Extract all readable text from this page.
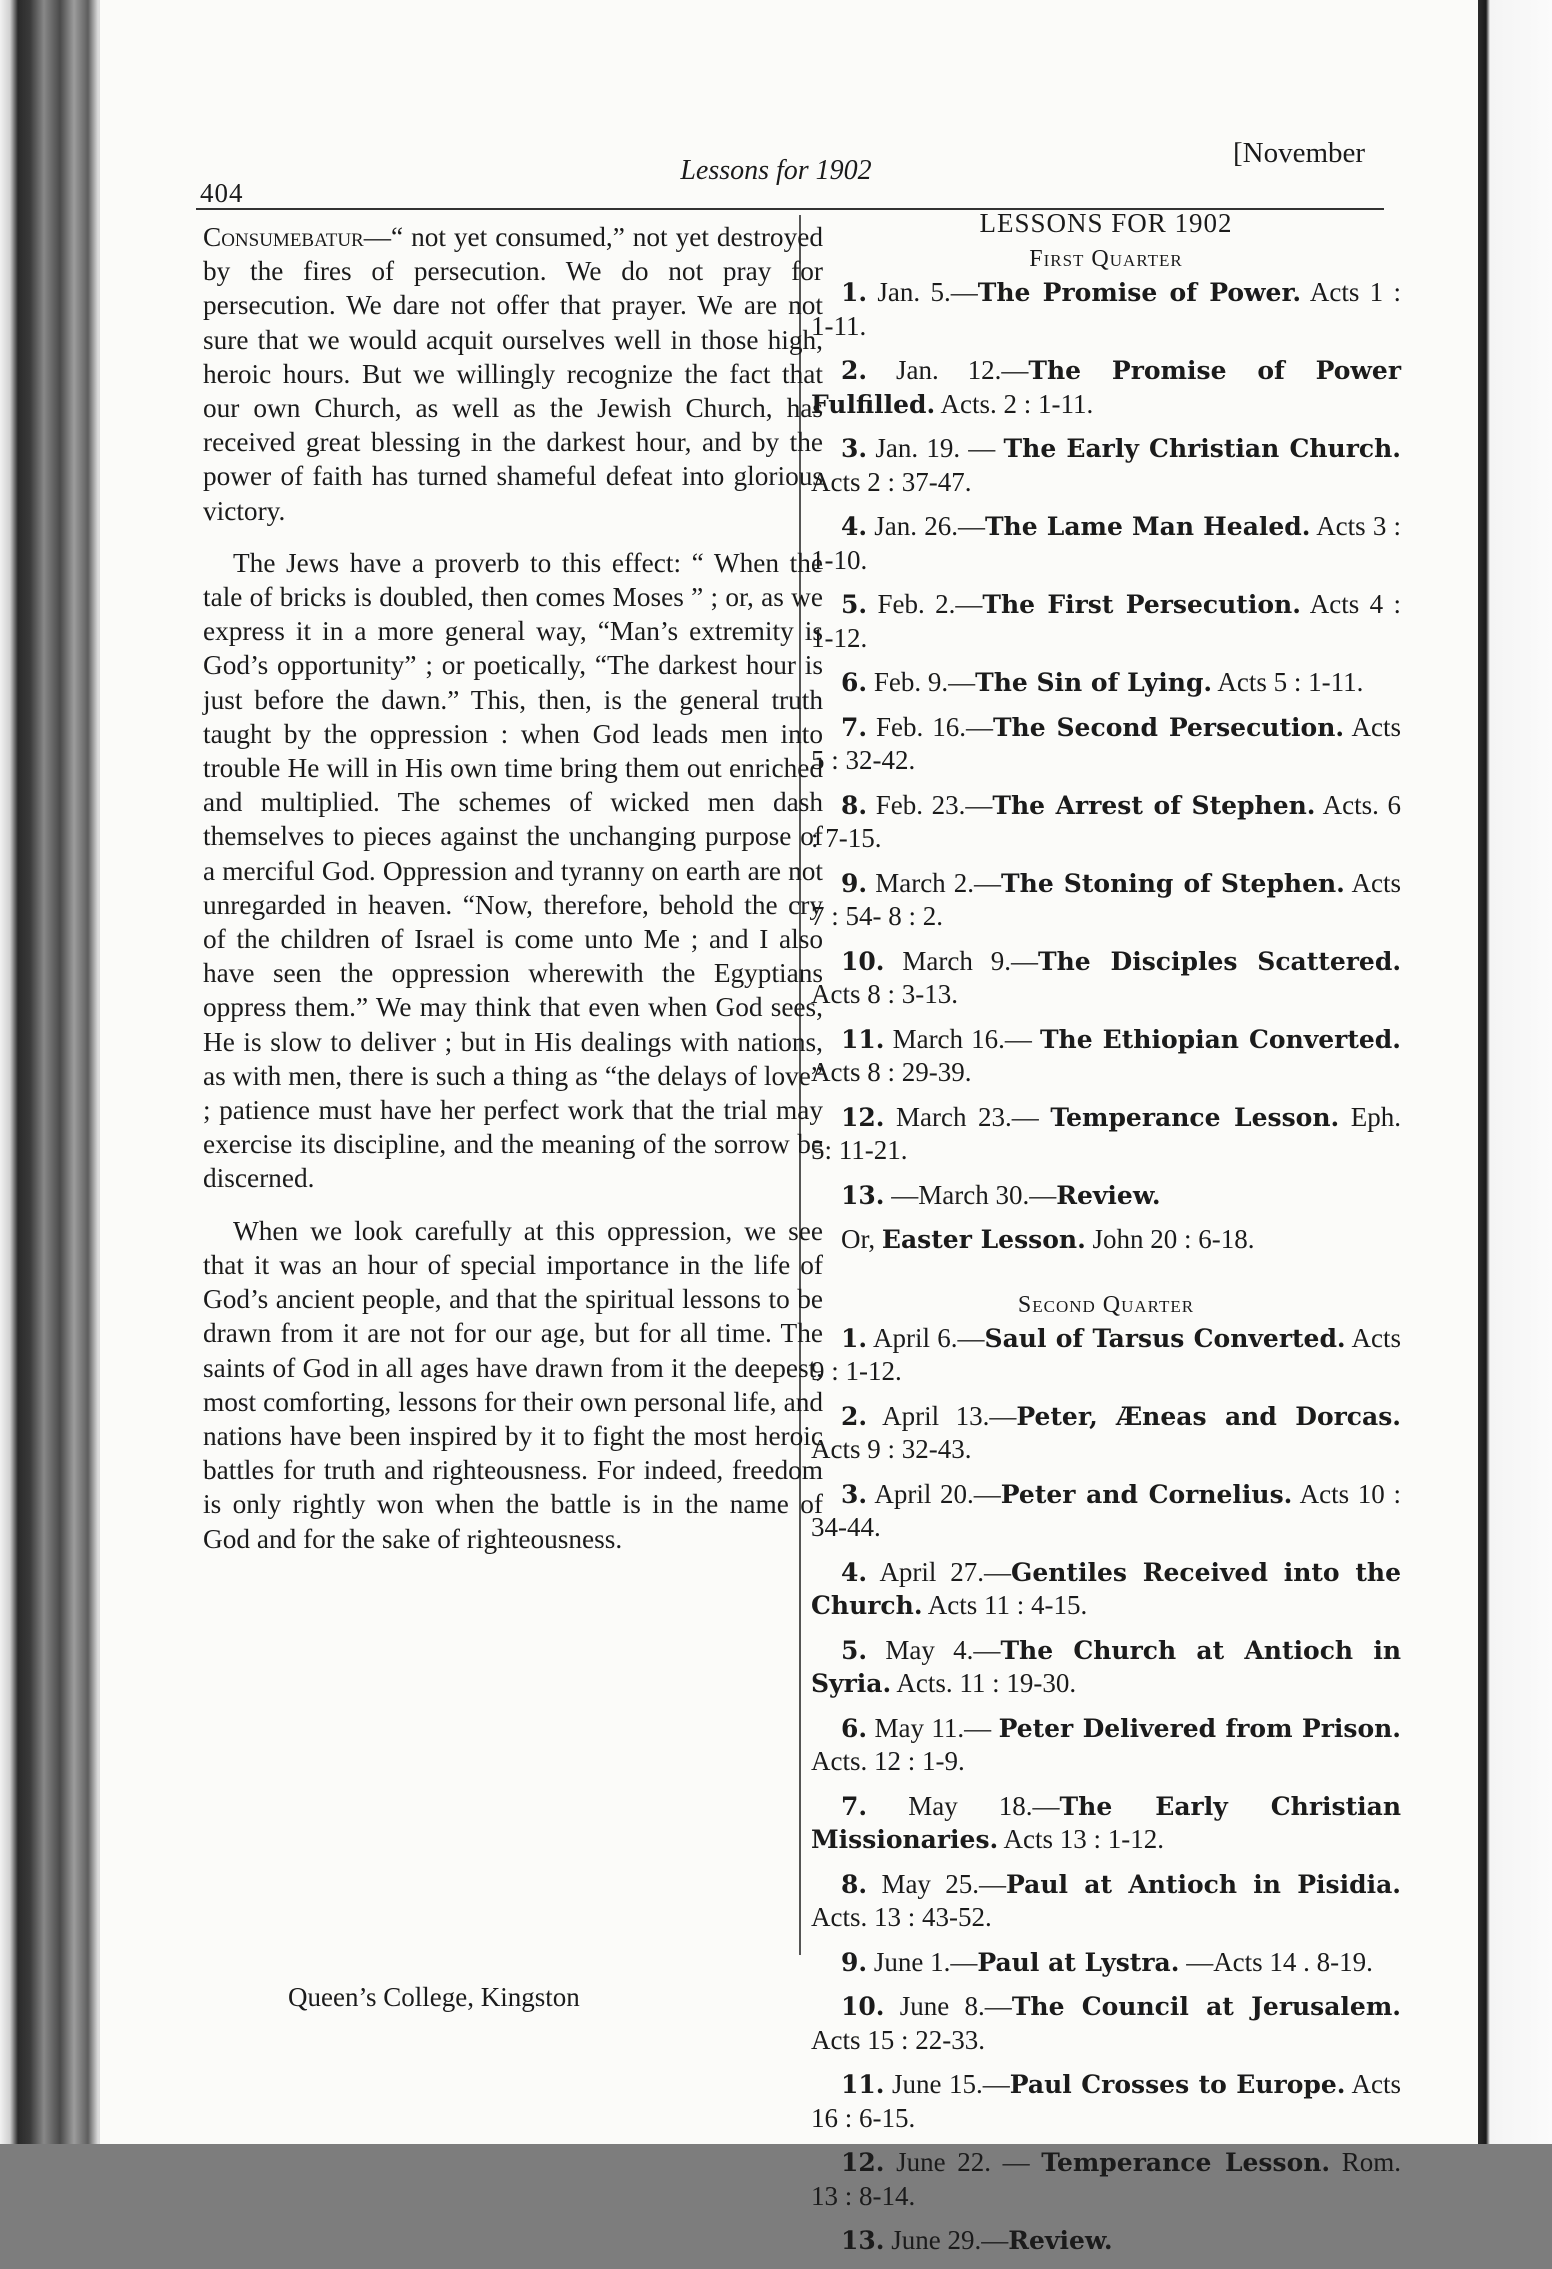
404
Lessons for 1902
[November

Consumebatur—“ not yet consumed,” not yet destroyed by the fires of persecution. We do not pray for persecution. We dare not offer that prayer. We are not sure that we would acquit ourselves well in those high, heroic hours. But we willingly recognize the fact that our own Church, as well as the Jewish Church, has received great blessing in the darkest hour, and by the power of faith has turned shameful defeat into glorious victory.

The Jews have a proverb to this effect: “ When the tale of bricks is doubled, then comes Moses ” ; or, as we express it in a more general way, “Man’s extremity is God’s opportunity” ; or poetically, “The darkest hour is just before the dawn.” This, then, is the general truth taught by the oppression : when God leads men into trouble He will in His own time bring them out enriched and multiplied. The schemes of wicked men dash themselves to pieces against the unchanging purpose of a merciful God. Oppression and tyranny on earth are not unregarded in heaven. “Now, therefore, behold the cry of the children of Israel is come unto Me ; and I also have seen the oppression wherewith the Egyptians oppress them.” We may think that even when God sees, He is slow to deliver ; but in His dealings with nations, as with men, there is such a thing as “the delays of love” ; patience must have her perfect work that the trial may exercise its discipline, and the meaning of the sorrow be discerned.

When we look carefully at this oppression, we see that it was an hour of special importance in the life of God’s ancient people, and that the spiritual lessons to be drawn from it are not for our age, but for all time. The saints of God in all ages have drawn from it the deepest, most comforting, lessons for their own personal life, and nations have been inspired by it to fight the most heroic battles for truth and righteousness. For indeed, freedom is only rightly won when the battle is in the name of God and for the sake of righteousness.

Queen’s College, Kingston
LESSONS FOR 1902
First Quarter

1. Jan. 5.—The Promise of Power. Acts 1 : 1-11.

2. Jan. 12.—The Promise of Power Fulfilled. Acts. 2 : 1-11.

3. Jan. 19. — The Early Christian Church. Acts 2 : 37-47.

4. Jan. 26.—The Lame Man Healed. Acts 3 : 1-10.

5. Feb. 2.—The First Persecution. Acts 4 : 1-12.

6. Feb. 9.—The Sin of Lying. Acts 5 : 1-11.

7. Feb. 16.—The Second Persecution. Acts 5 : 32-42.

8. Feb. 23.—The Arrest of Stephen. Acts. 6 : 7-15.

9. March 2.—The Stoning of Stephen. Acts 7 : 54- 8 : 2.

10. March 9.—The Disciples Scattered. Acts 8 : 3-13.

11. March 16.— The Ethiopian Converted. Acts 8 : 29-39.

12. March 23.— Temperance Lesson. Eph. 5: 11-21.

13. —March 30.—Review.

Or, Easter Lesson. John 20 : 6-18.

Second Quarter

1. April 6.—Saul of Tarsus Converted. Acts 9 : 1-12.

2. April 13.—Peter, Æneas and Dorcas. Acts 9 : 32-43.

3. April 20.—Peter and Cornelius. Acts 10 : 34-44.

4. April 27.—Gentiles Received into the Church. Acts 11 : 4-15.

5. May 4.—The Church at Antioch in Syria. Acts. 11 : 19-30.

6. May 11.— Peter Delivered from Prison. Acts. 12 : 1-9.

7. May 18.—The Early Christian Missionaries. Acts 13 : 1-12.

8. May 25.—Paul at Antioch in Pisidia. Acts. 13 : 43-52.

9. June 1.—Paul at Lystra. —Acts 14 . 8-19.

10. June 8.—The Council at Jerusalem. Acts 15 : 22-33.

11. June 15.—Paul Crosses to Europe. Acts 16 : 6-15.

12. June 22. — Temperance Lesson. Rom. 13 : 8-14.

13. June 29.—Review.
